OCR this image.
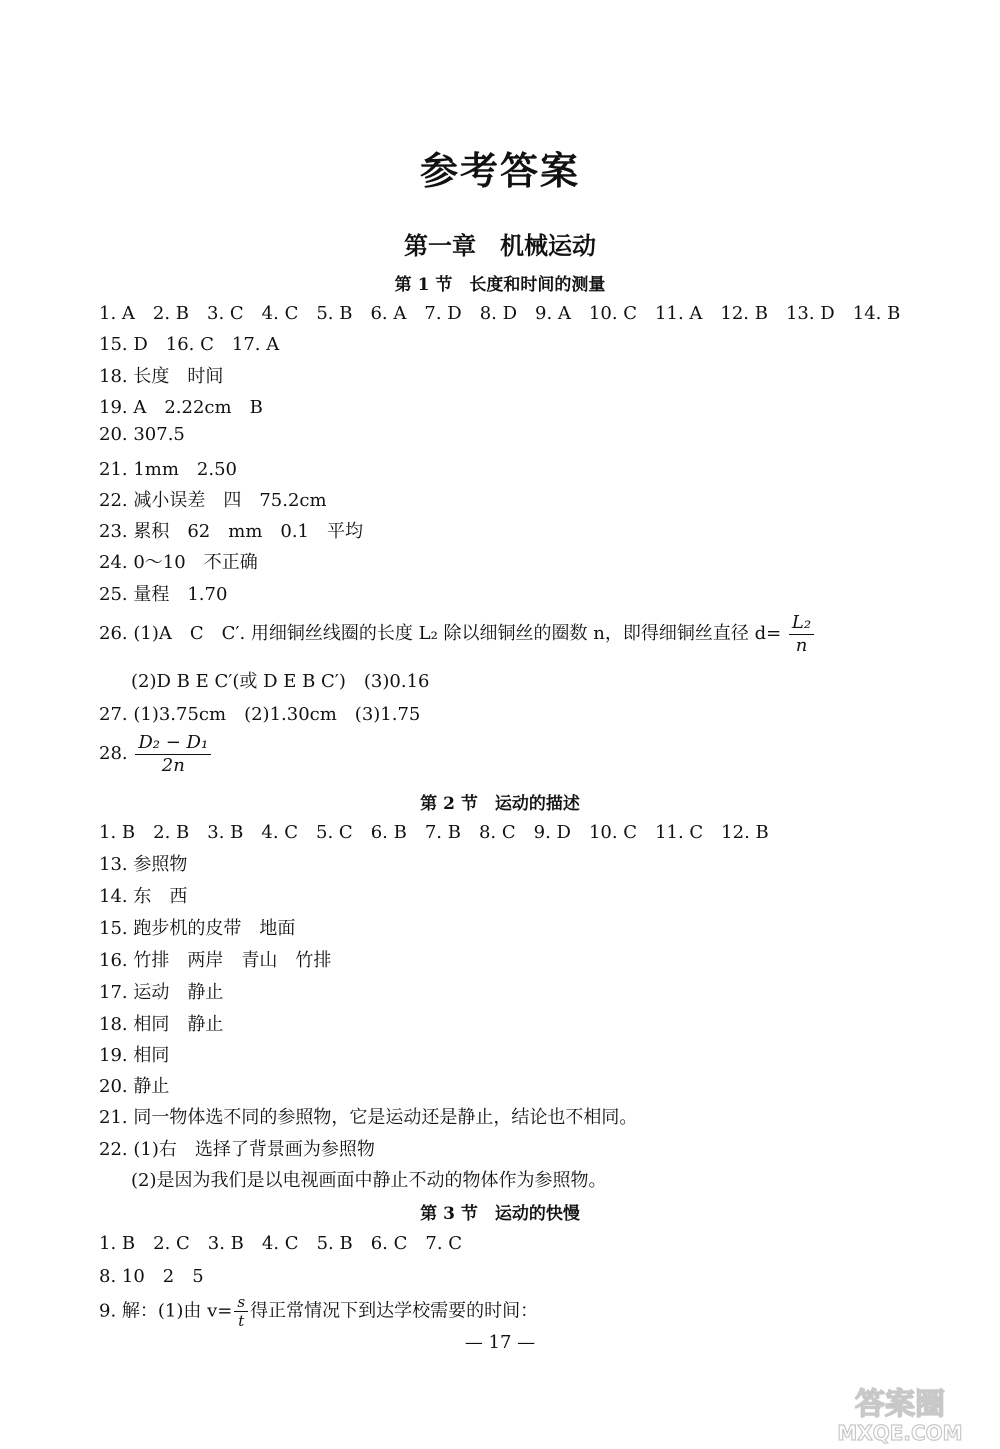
参考答案
第一章　机械运动
第 1 节　长度和时间的测量
1. A　2. B　3. C　4. C　5. B　6. A　7. D　8. D　9. A　10. C　11. A　12. B　13. D　14. B
15. D　16. C　17. A
18. 长度　时间
19. A　2.22cm　B
20. 307.5
21. 1mm　2.50
22. 减小误差　四　75.2cm
23. 累积　62　mm　0.1　平均
24. 0～10　不正确
25. 量程　1.70
26. (1)A　C　C′. 用细铜丝线圈的长度 L₂ 除以细铜丝的圈数 n，即得细铜丝直径 $d= \frac{\text{L₂}}{n}$
(2)D B E C′(或 D E B C′)　(3)0.16
27. (1)3.75cm　(2)1.30cm　(3)1.75
28. $\frac{\text{D₂ − D₁}}{2n}$
第 2 节　运动的描述
1. B　2. B　3. B　4. C　5. C　6. B　7. B　8. C　9. D　10. C　11. C　12. B
13. 参照物
14. 东　西
15. 跑步机的皮带　地面
16. 竹排　两岸　青山　竹排
17. 运动　静止
18. 相同　静止
19. 相同
20. 静止
21. 同一物体选不同的参照物，它是运动还是静止，结论也不相同。
22. (1)右　选择了背景画为参照物
(2)是因为我们是以电视画面中静止不动的物体作为参照物。
第 3 节　运动的快慢
1. B　2. C　3. B　4. C　5. B　6. C　7. C
8. 10　2　5
9. 解：(1)由 $v= \frac{s}{t}$ 得正常情况下到达学校需要的时间：
— 17 —
答案圈
MXQE.COM
